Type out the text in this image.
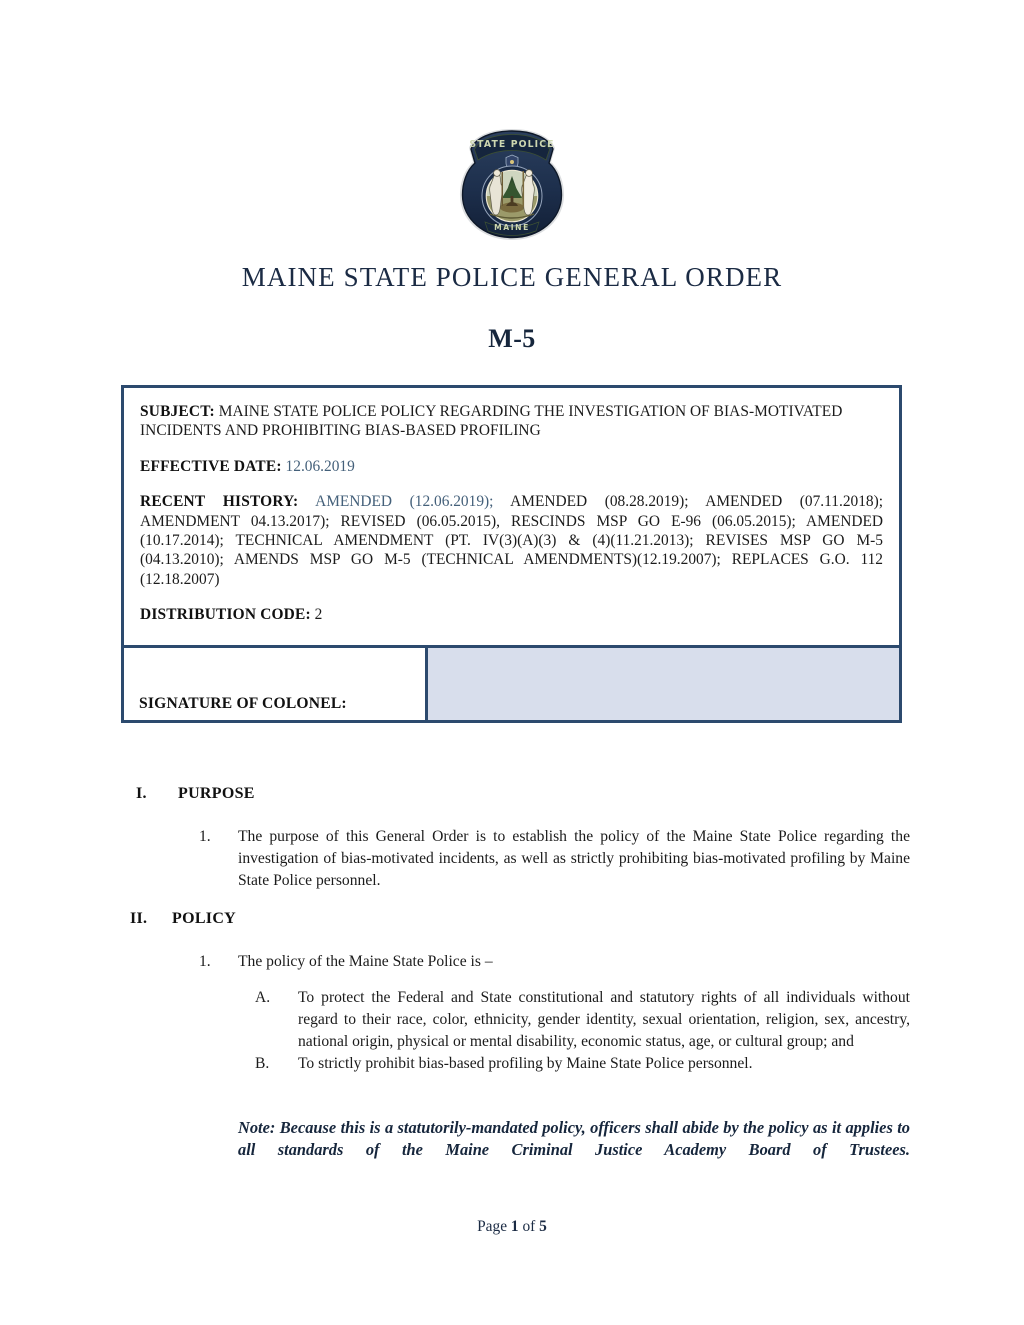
STATE POLICE
MAINE
MAINE STATE POLICE GENERAL ORDER
M-5

SUBJECT: MAINE STATE POLICE POLICY REGARDING THE INVESTIGATION OF BIAS-MOTIVATED INCIDENTS AND PROHIBITING BIAS-BASED PROFILING

EFFECTIVE DATE: 12.06.2019

RECENT HISTORY: AMENDED (12.06.2019); AMENDED (08.28.2019); AMENDED (07.11.2018); AMENDMENT 04.13.2017); REVISED (06.05.2015), RESCINDS MSP GO E-96 (06.05.2015); AMENDED (10.17.2014); TECHNICAL AMENDMENT (PT. IV(3)(A)(3) & (4)(11.21.2013); REVISES MSP GO M-5 (04.13.2010); AMENDS MSP GO M-5 (TECHNICAL AMENDMENTS)(12.19.2007); REPLACES G.O. 112 (12.18.2007)

DISTRIBUTION CODE: 2

SIGNATURE OF COLONEL:
I.	PURPOSE
1.	The purpose of this General Order is to establish the policy of the Maine State Police regarding the investigation of bias-motivated incidents, as well as strictly prohibiting bias-motivated profiling by Maine State Police personnel.
II.	POLICY
1.	The policy of the Maine State Police is –
A.	To protect the Federal and State constitutional and statutory rights of all individuals without regard to their race, color, ethnicity, gender identity, sexual orientation, religion, sex, ancestry, national origin, physical or mental disability, economic status, age, or cultural group; and
B.	To strictly prohibit bias-based profiling by Maine State Police personnel.
Note: Because this is a statutorily-mandated policy, officers shall abide by the policy as it applies to all standards of the Maine Criminal Justice Academy Board of Trustees.
Page 1 of 5
